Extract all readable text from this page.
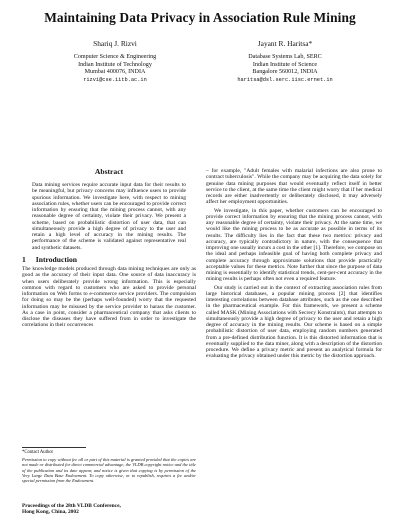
Maintaining Data Privacy in Association Rule Mining
Shariq J. Rizvi
Computer Science & Engineering
Indian Institute of Technology
Mumbai 400076, INDIA
rizvi@cse.iitb.ac.in
Jayant R. Haritsa*
Database Systems Lab, SERC
Indian Institute of Science
Bangalore 560012, INDIA
haritsa@dsl.serc.iisc.ernet.in
Abstract

Data mining services require accurate input data for their results to be meaningful, but privacy concerns may influence users to provide spurious information. We investigate here, with respect to mining association rules, whether users can be encouraged to provide correct information by ensuring that the mining process cannot, with any reasonable degree of certainty, violate their privacy. We present a scheme, based on probabilistic distortion of user data, that can simultaneously provide a high degree of privacy to the user and retain a high level of accuracy in the mining results. The performance of the scheme is validated against representative real and synthetic datasets.

1 Introduction

The knowledge models produced through data mining techniques are only as good as the accuracy of their input data. One source of data inaccuracy is when users deliberately provide wrong information. This is especially common with regard to customers who are asked to provide personal information on Web forms to e-commerce service providers. The compulsion for doing so may be the (perhaps well-founded) worry that the requested information may be misused by the service provider to harass the customer. As a case in point, consider a pharmaceutical company that asks clients to disclose the diseases they have suffered from in order to investigate the correlations in their occurrences

*Contact Author

Permission to copy without fee all or part of this material is granted provided that the copies are not made or distributed for direct commercial advantage, the VLDB copyright notice and the title of the publication and its date appear, and notice is given that copying is by permission of the Very Large Data Base Endowment. To copy otherwise, or to republish, requires a fee and/or special permission from the Endowment.

Proceedings of the 28th VLDB Conference,
Hong Kong, China, 2002

– for example, "Adult females with malarial infections are also prone to contract tuberculosis". While the company may be acquiring the data solely for genuine data mining purposes that would eventually reflect itself in better service to the client, at the same time the client might worry that if her medical records are either inadvertently or deliberately disclosed, it may adversely affect her employment opportunities.

We investigate, in this paper, whether customers can be encouraged to provide correct information by ensuring that the mining process cannot, with any reasonable degree of certainty, violate their privacy. At the same time, we would like the mining process to be as accurate as possible in terms of its results. The difficulty lies in the fact that these two metrics: privacy and accuracy, are typically contradictory in nature, with the consequence that improving one usually incurs a cost in the other [1]. Therefore, we compose on the ideal and perhaps infeasible goal of having both complete privacy and complete accuracy through approximate solutions that provide practically acceptable values for these metrics. Note further that since the purpose of data mining is essentially to identify statistical trends, cent-per-cent accuracy in the mining results is perhaps often not even a required feature.

Our study is carried out in the context of extracting association rules from large historical databases, a popular mining process [2] that identifies interesting correlations between database attributes, such as the one described in the pharmaceutical example. For this framework, we present a scheme called MASK (Mining Associations with Secrecy Konstraints), that attempts to simultaneously provide a high degree of privacy to the user and retain a high degree of accuracy in the mining results. Our scheme is based on a simple probabilistic distortion of user data, employing random numbers generated from a pre-defined distribution function. It is this distorted information that is eventually supplied to the data miner, along with a description of the distortion procedure. We define a privacy metric and present an analytical formula for evaluating the privacy obtained under this metric by the distortion approach.
